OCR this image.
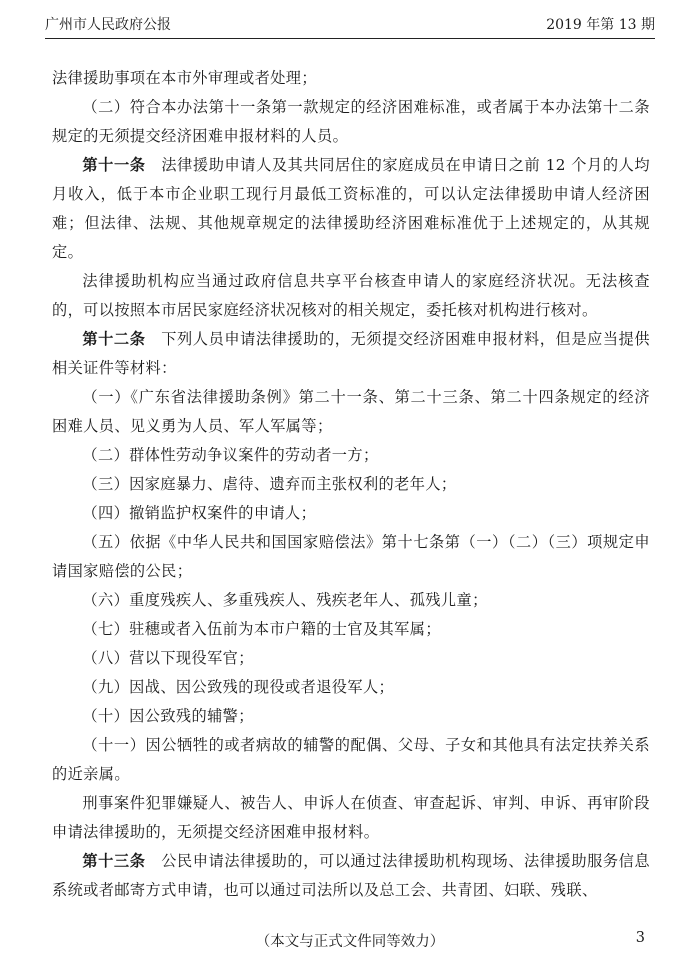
广州市人民政府公报	2019 年第 13 期

法律援助事项在本市外审理或者处理；

（二）符合本办法第十一条第一款规定的经济困难标准，或者属于本办法第十二条规定的无须提交经济困难申报材料的人员。

第十一条　 法律援助申请人及其共同居住的家庭成员在申请日之前 12 个月的人均月收入，低于本市企业职工现行月最低工资标准的，可以认定法律援助申请人经济困难；但法律、法规、其他规章规定的法律援助经济困难标准优于上述规定的，从其规定。

法律援助机构应当通过政府信息共享平台核查申请人的家庭经济状况。无法核查的，可以按照本市居民家庭经济状况核对的相关规定，委托核对机构进行核对。

第十二条　 下列人员申请法律援助的，无须提交经济困难申报材料，但是应当提供相关证件等材料：

（一）《广东省法律援助条例》第二十一条、第二十三条、第二十四条规定的经济困难人员、见义勇为人员、军人军属等；

（二）群体性劳动争议案件的劳动者一方；

（三）因家庭暴力、虐待、遗弃而主张权利的老年人；

（四）撤销监护权案件的申请人；

（五）依据《中华人民共和国国家赔偿法》第十七条第（一）（二）（三）项规定申请国家赔偿的公民；

（六）重度残疾人、多重残疾人、残疾老年人、孤残儿童；

（七）驻穗或者入伍前为本市户籍的士官及其军属；

（八）营以下现役军官；

（九）因战、因公致残的现役或者退役军人；

（十）因公致残的辅警；

（十一）因公牺牲的或者病故的辅警的配偶、父母、子女和其他具有法定扶养关系的近亲属。

刑事案件犯罪嫌疑人、被告人、申诉人在侦查、审查起诉、审判、申诉、再审阶段申请法律援助的，无须提交经济困难申报材料。

第十三条　 公民申请法律援助的，可以通过法律援助机构现场、法律援助服务信息系统或者邮寄方式申请，也可以通过司法所以及总工会、共青团、妇联、残联、

（本文与正式文件同等效力）	3
